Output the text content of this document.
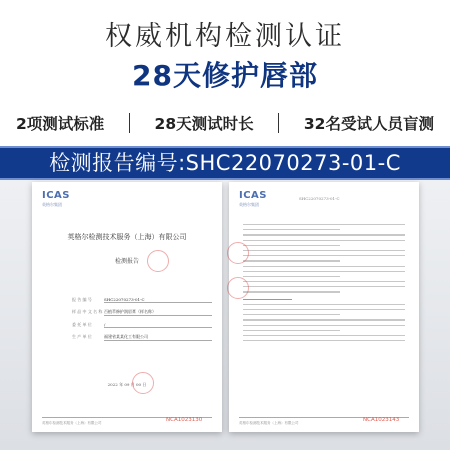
权威机构检测认证
28天修护唇部
2项测试标准	28天测试时长	32名受试人员盲测
检测报告编号:SHC22070273-01-C
ICAS
英格尔集团
英格尔检测技术服务（上海）有限公司
检测报告
报 告 编 号	SHC22070273-01-C
样 品 中 文 名 称 百植萃修护润唇膏（样名称）
委 托 单 位	/
生 产 单 位	福建省某某化工有限公司
2022 年 09 月 00 日
英格尔检测技术服务（上海）有限公司	NCA1023130
ICAS
英格尔集团
SHC22070273-01-C
英格尔检测技术服务（上海）有限公司	NCA1023143
